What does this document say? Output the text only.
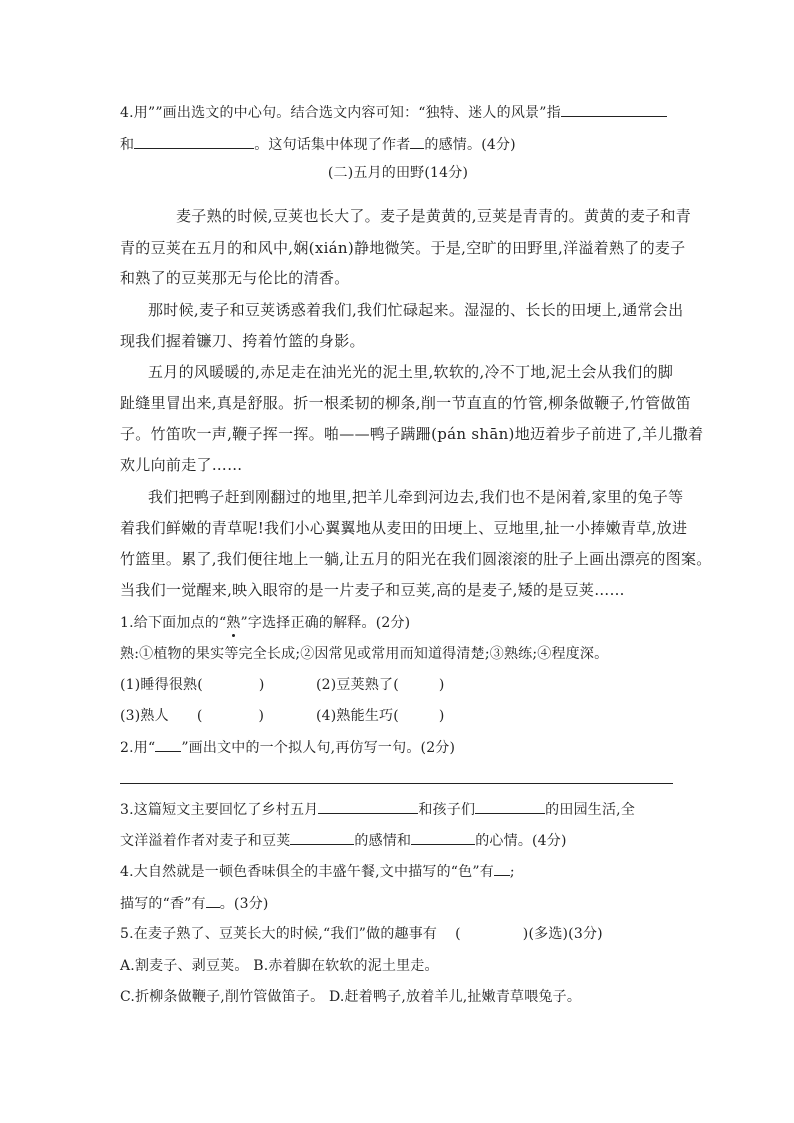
4.用””画出选文的中心句。结合选文内容可知：“独特、迷人的风景”指
和	。这句话集中体现了作者 的感情。(4分)
(二)五月的田野(14分)
麦子熟的时候,豆荚也长大了。麦子是黄黄的,豆荚是青青的。黄黄的麦子和青
青的豆荚在五月的和风中,娴(xián)静地微笑。于是,空旷的田野里,洋溢着熟了的麦子
和熟了的豆荚那无与伦比的清香。
那时候,麦子和豆荚诱惑着我们,我们忙碌起来。湿湿的、长长的田埂上,通常会出
现我们握着镰刀、挎着竹篮的身影。
五月的风暖暖的,赤足走在油光光的泥土里,软软的,冷不丁地,泥土会从我们的脚
趾缝里冒出来,真是舒服。折一根柔韧的柳条,削一节直直的竹管,柳条做鞭子,竹管做笛
子。竹笛吹一声,鞭子挥一挥。啪——鸭子蹒跚(pán shān)地迈着步子前进了,羊儿撒着
欢儿向前走了……
我们把鸭子赶到刚翻过的地里,把羊儿牵到河边去,我们也不是闲着,家里的兔子等
着我们鲜嫩的青草呢!我们小心翼翼地从麦田的田埂上、豆地里,扯一小捧嫩青草,放进
竹篮里。累了,我们便往地上一躺,让五月的阳光在我们圆滚滚的肚子上画出漂亮的图案。
当我们一觉醒来,映入眼帘的是一片麦子和豆荚,高的是麦子,矮的是豆荚……
1.给下面加点的“熟”字选择正确的解释。(2分)
熟:①植物的果实等完全长成;②因常见或常用而知道得清楚;③熟练;④程度深。
(1)睡得很熟(	)	(2)豆荚熟了(	)
(3)熟人 (	)	(4)熟能生巧(	)
2.用“ ”画出文中的一个拟人句,再仿写一句。(2分)
3.这篇短文主要回忆了乡村五月	和孩子们	的田园生活,全
文洋溢着作者对麦子和豆荚	的感情和	的心情。(4分)
4.大自然就是一顿色香味俱全的丰盛午餐,文中描写的“色”有 ;
描写的“香”有 。(3分)
5.在麦子熟了、豆荚长大的时候,“我们”做的趣事有 (	)(多选)(3分)
A.割麦子、剥豆荚。 B.赤着脚在软软的泥土里走。
C.折柳条做鞭子,削竹管做笛子。 D.赶着鸭子,放着羊儿,扯嫩青草喂兔子。
